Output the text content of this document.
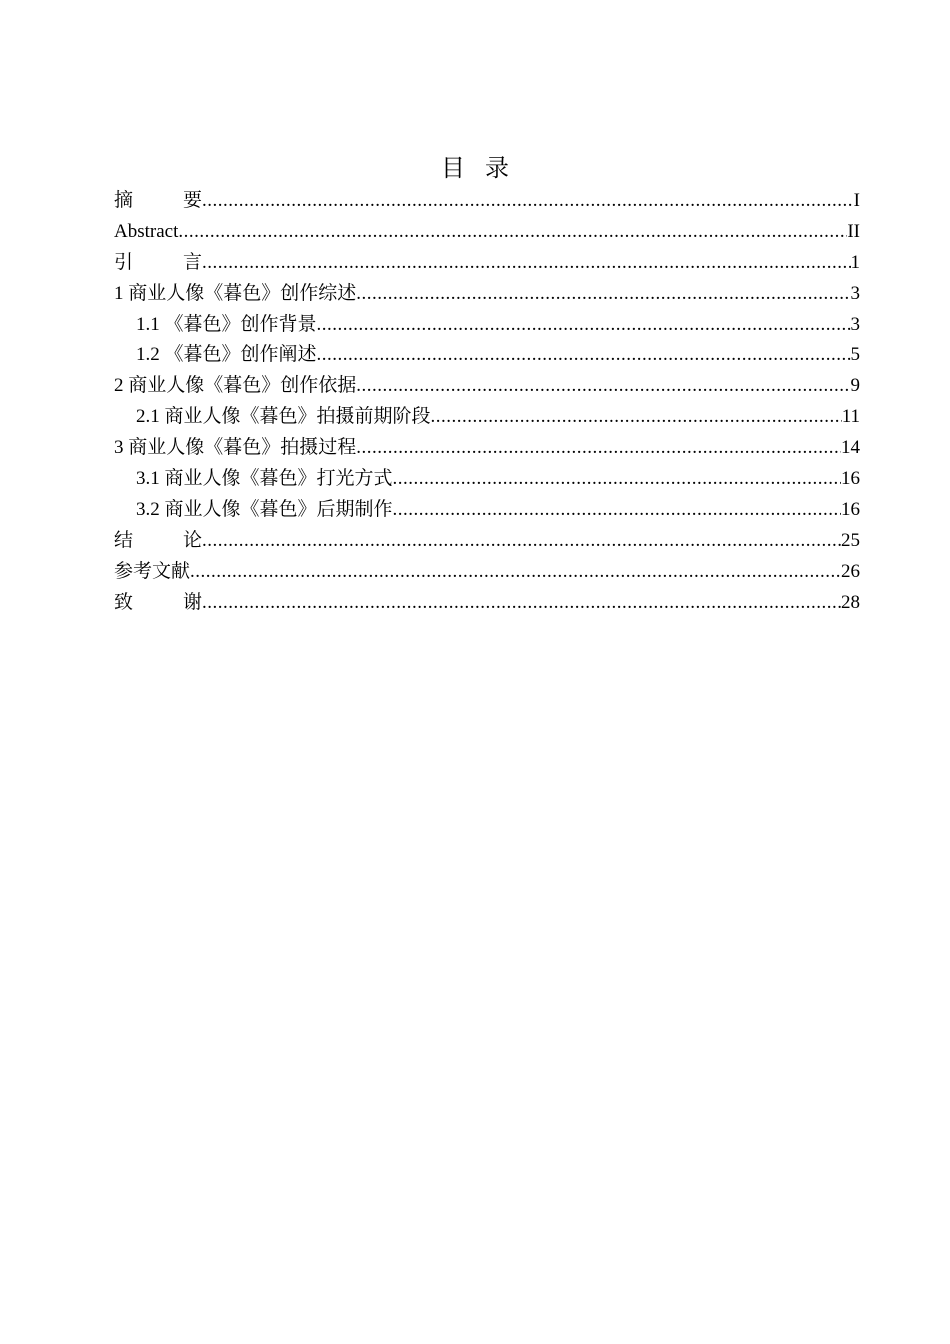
目 录
摘	要 .....	I
Abstract .....	II
引	言 .....	1
1 商业人像《暮色》创作综述 .....	3
1.1 《暮色》创作背景 .....	3
1.2 《暮色》创作阐述 .....	5
2 商业人像《暮色》创作依据 .....	9
2.1 商业人像《暮色》拍摄前期阶段 .....	11
3 商业人像《暮色》拍摄过程 .....	14
3.1 商业人像《暮色》打光方式 .....	16
3.2 商业人像《暮色》后期制作 .....	16
结	论 .....	25
参考文献 .....	26
致	谢 .....	28
